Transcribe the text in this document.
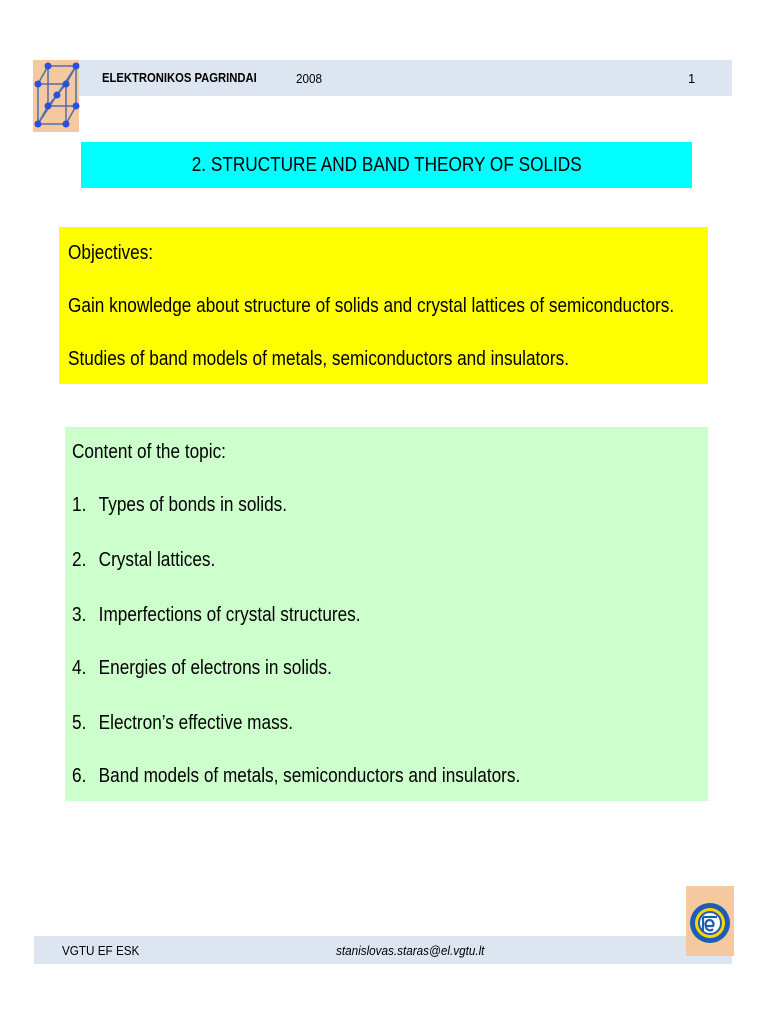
ELEKTRONIKOS PAGRINDAI	2008	1
2. STRUCTURE AND BAND THEORY OF SOLIDS
Objectives:
Gain knowledge about structure of solids and crystal lattices of semiconductors.
Studies of band models of metals, semiconductors and insulators.
Content of the topic:
1. Types of bonds in solids.
2. Crystal lattices.
3. Imperfections of crystal structures.
4. Energies of electrons in solids.
5. Electron’s effective mass.
6. Band models of metals, semiconductors and insulators.
VGTU EF ESK	stanislovas.staras@el.vgtu.lt
